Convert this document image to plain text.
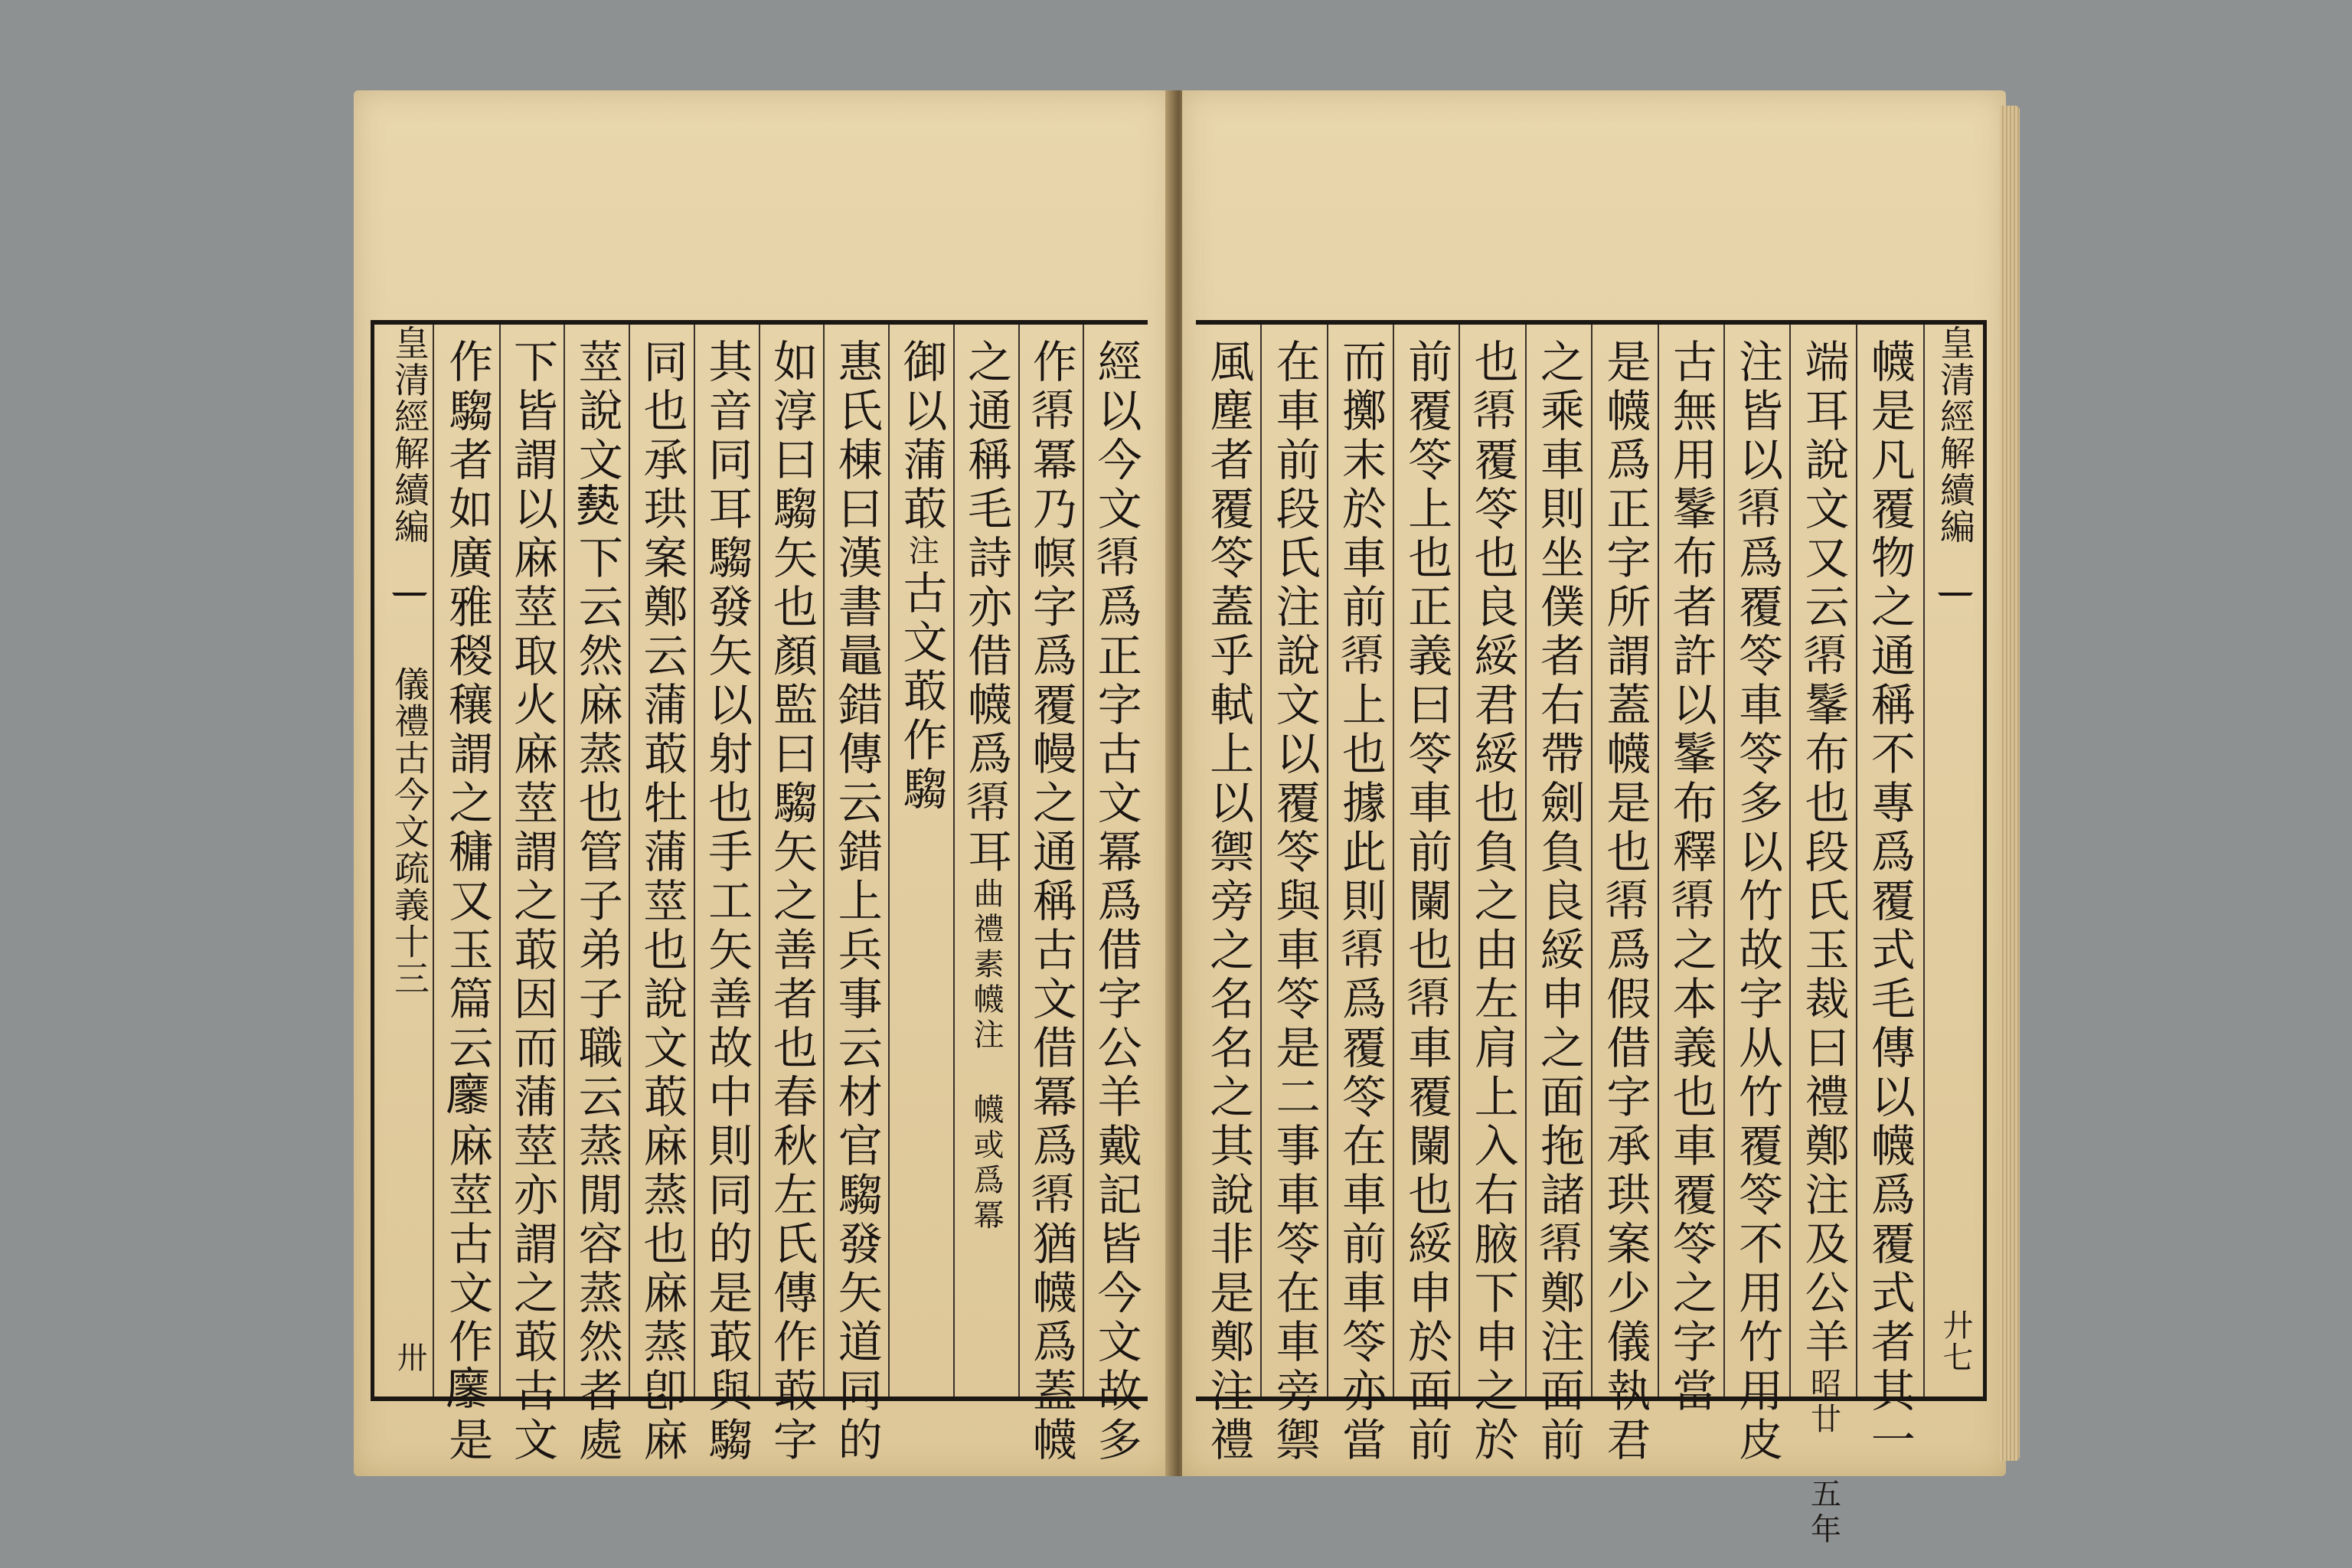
經以今文𢄼爲正字古文冪爲借字公羊戴記皆今文故多
作𢄼冪乃幎字爲覆幔之通稱古文借冪爲𢄼猶幭爲蓋幭
之通稱毛詩亦借幭爲𢄼耳曲禮素幭注 幭或爲冪
御以蒲菆注古文菆作騶
惠氏棟曰漢書鼂錯傳云錯上兵事云材官騶發矢道同的
如淳曰騶矢也顏監曰騶矢之善者也春秋左氏傳作菆字
其音同耳騶發矢以射也手工矢善故中則同的是菆與騶
同也承珙案鄭云蒲菆牡蒲莖也說文菆麻蒸也麻蒸卽麻
莖說文𤑔下云然麻蒸也管子弟子職云蒸閒容蒸然者處
下皆謂以麻莖取火麻莖謂之菆因而蒲莖亦謂之菆古文
作騶者如廣雅稯穰謂之𥡲又玉篇云𪎭麻莖古文作𪎭是
皇清經解續編  儀禮古今文疏義十三
卅	幭是凡覆物之通稱不專爲覆式毛傳以幭爲覆式者其一
端耳說文又云𢄼髼布也段氏玉裁曰禮鄭注及公羊昭廿 五年
注皆以𢄼爲覆笭車笭多以竹故字从竹覆笭不用竹用皮
古無用髼布者許以髼布釋𢄼之本義也車覆笭之字當
是幭爲正字所謂蓋幭是也𢄼爲假借字承珙案少儀執君
之乘車則坐僕者右帶劍負良綏申之面拖諸𢄼鄭注面前
也𢄼覆笭也良綏君綏也負之由左肩上入右腋下申之於
前覆笭上也正義曰笭車前闌也𢄼車覆闌也綏申於面前
而擲末於車前𢄼上也據此則𢄼爲覆笭在車前車笭亦當
在車前段氏注說文以覆笭與車笭是二事車笭在車旁禦
風塵者覆笭蓋乎軾上以禦旁之名名之其說非是鄭注禮	皇清經解續編
廾七
